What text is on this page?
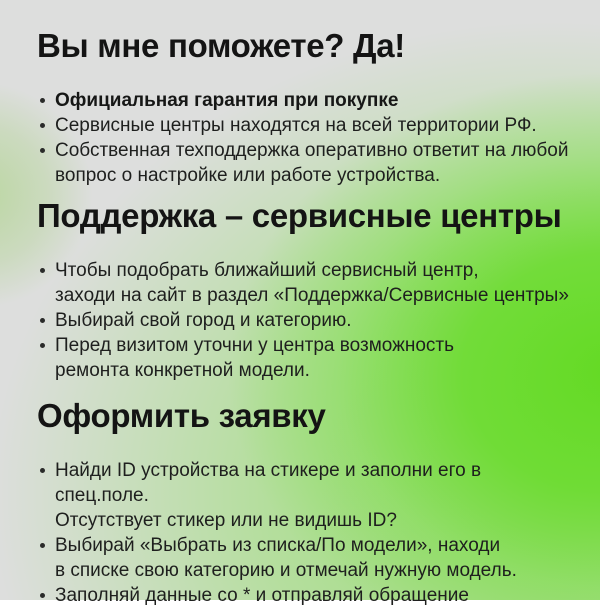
Вы мне поможете? Да!
Официальная гарантия при покупке
Сервисные центры находятся на всей территории РФ.
Собственная техподдержка оперативно ответит на любой
вопрос о настройке или работе устройства.
Поддержка – сервисные центры
Чтобы подобрать ближайший сервисный центр,
заходи на сайт в раздел «Поддержка/Сервисные центры»
Выбирай свой город и категорию.
Перед визитом уточни у центра возможность
ремонта конкретной модели.
Оформить заявку
Найди ID устройства на стикере и заполни его в спец.поле.
Отсутствует стикер или не видишь ID?
Выбирай «Выбрать из списка/По модели», находи
в списке свою категорию и отмечай нужную модель.
Заполняй данные со * и отправляй обращение
